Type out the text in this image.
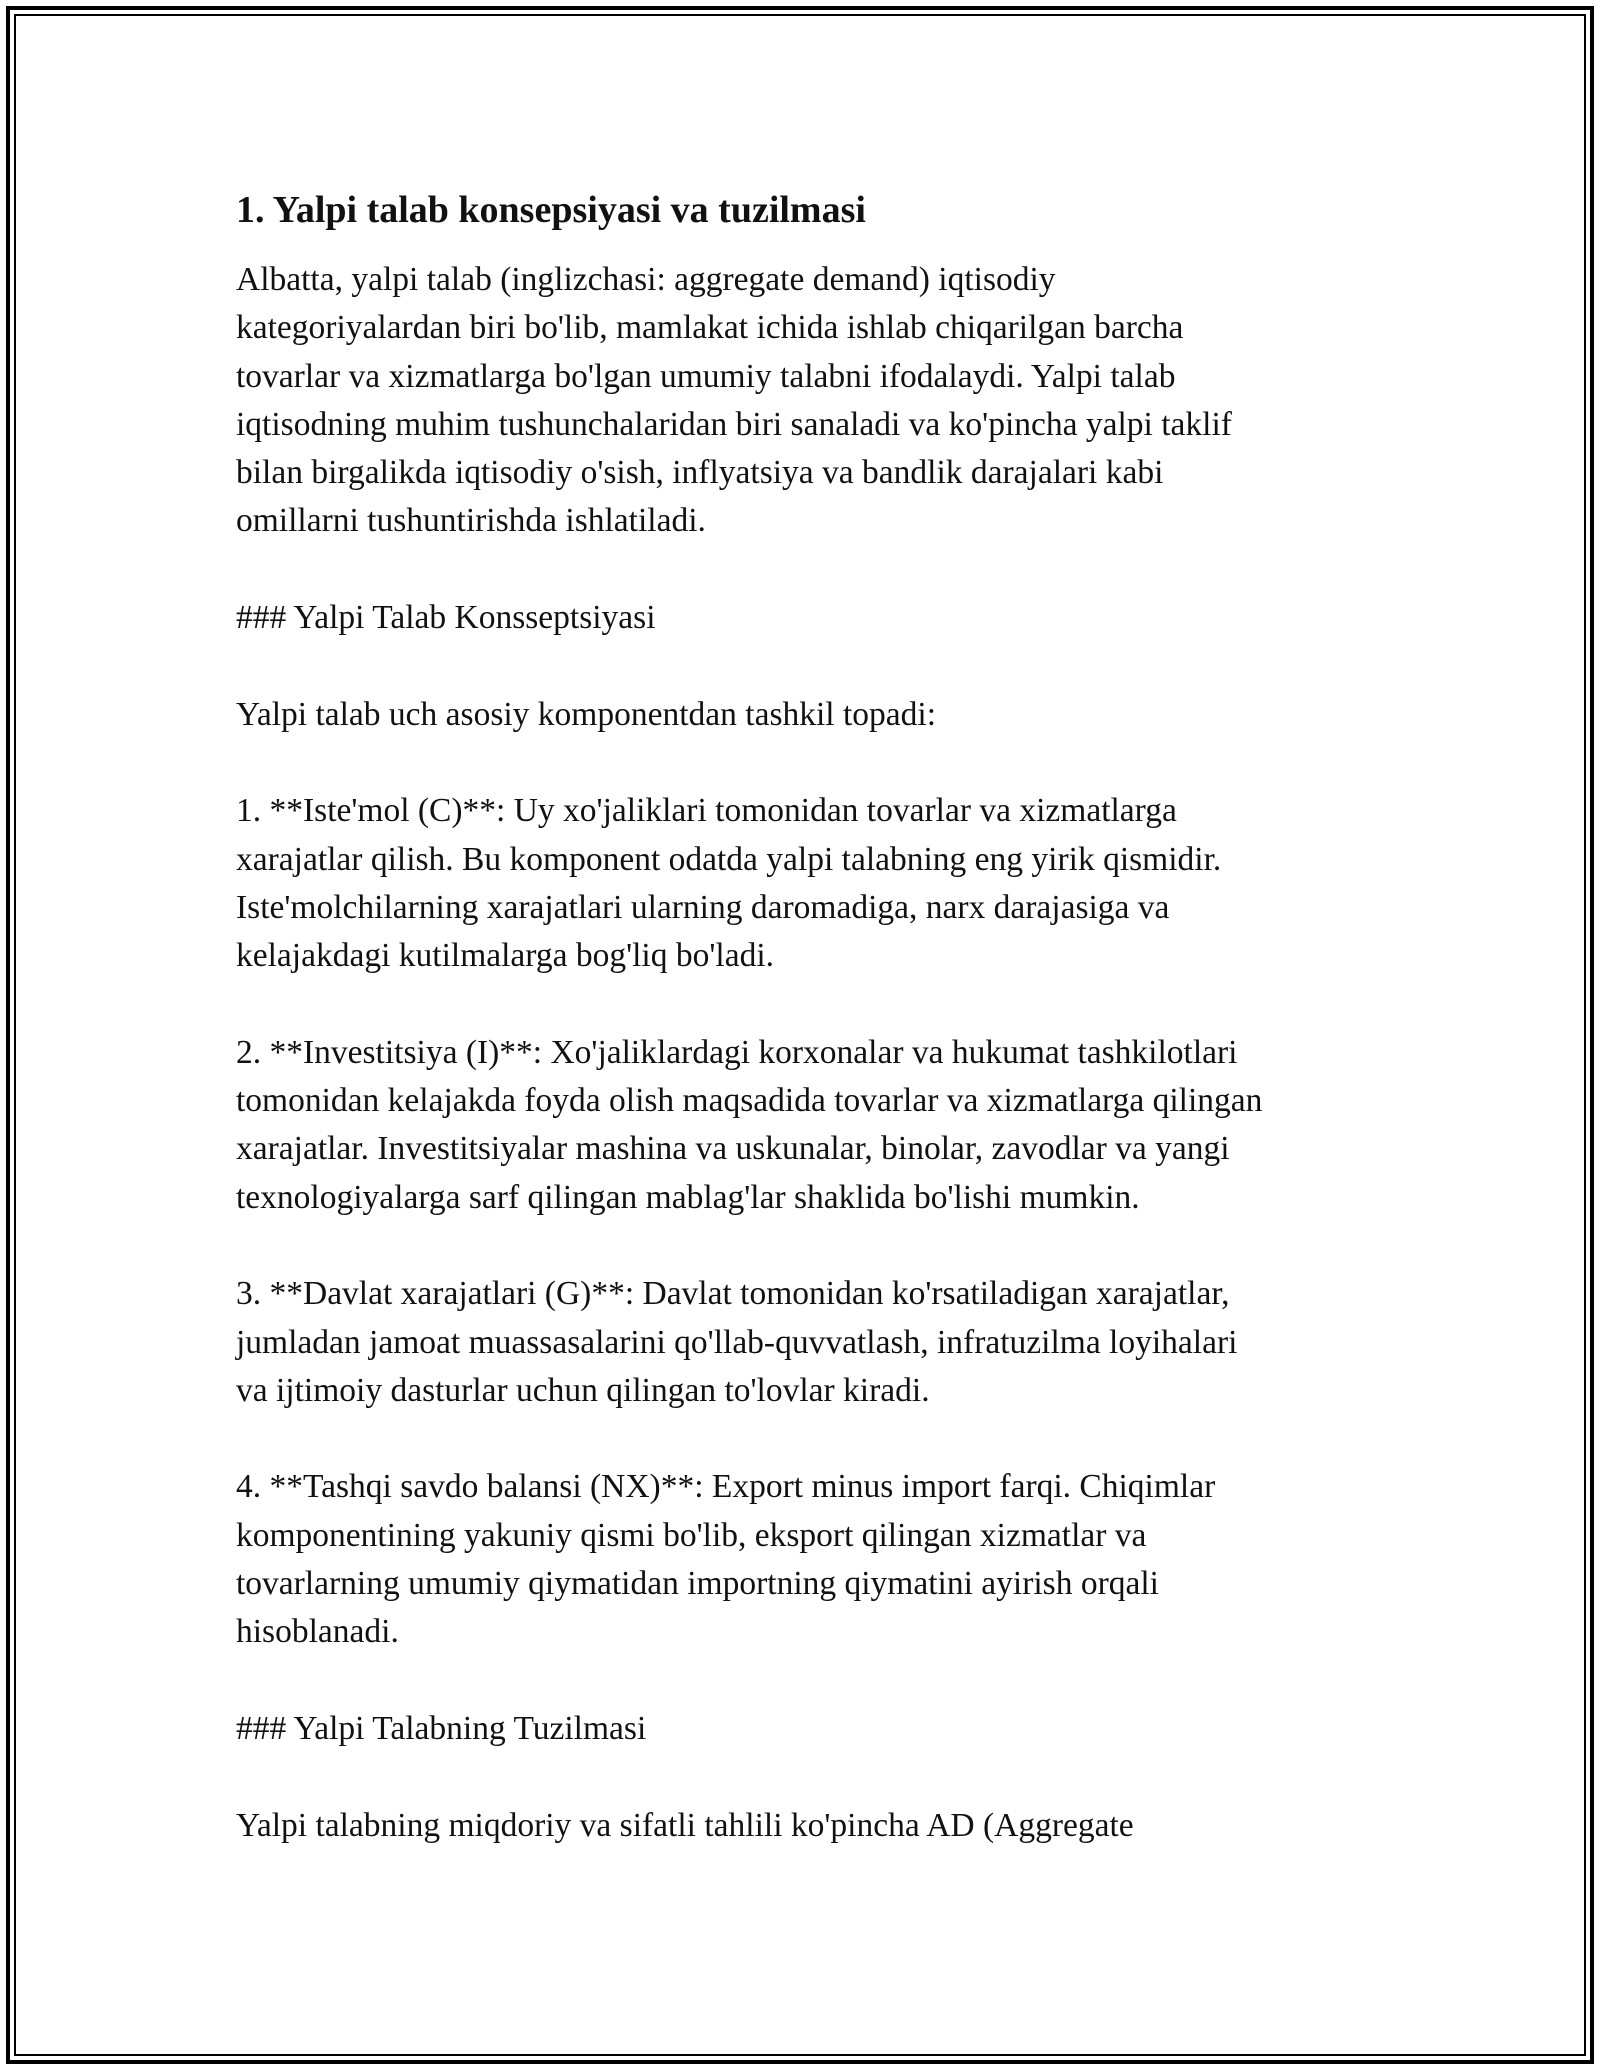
1. Yalpi talab konsepsiyasi va tuzilmasi

Albatta, yalpi talab (inglizchasi: aggregate demand) iqtisodiy
kategoriyalardan biri bo'lib, mamlakat ichida ishlab chiqarilgan barcha
tovarlar va xizmatlarga bo'lgan umumiy talabni ifodalaydi. Yalpi talab
iqtisodning muhim tushunchalaridan biri sanaladi va ko'pincha yalpi taklif
bilan birgalikda iqtisodiy o'sish, inflyatsiya va bandlik darajalari kabi
omillarni tushuntirishda ishlatiladi.

### Yalpi Talab Konsseptsiyasi

Yalpi talab uch asosiy komponentdan tashkil topadi:

1. **Iste'mol (C)**: Uy xo'jaliklari tomonidan tovarlar va xizmatlarga
xarajatlar qilish. Bu komponent odatda yalpi talabning eng yirik qismidir.
Iste'molchilarning xarajatlari ularning daromadiga, narx darajasiga va
kelajakdagi kutilmalarga bog'liq bo'ladi.

2. **Investitsiya (I)**: Xo'jaliklardagi korxonalar va hukumat tashkilotlari
tomonidan kelajakda foyda olish maqsadida tovarlar va xizmatlarga qilingan
xarajatlar. Investitsiyalar mashina va uskunalar, binolar, zavodlar va yangi
texnologiyalarga sarf qilingan mablag'lar shaklida bo'lishi mumkin.

3. **Davlat xarajatlari (G)**: Davlat tomonidan ko'rsatiladigan xarajatlar,
jumladan jamoat muassasalarini qo'llab-quvvatlash, infratuzilma loyihalari
va ijtimoiy dasturlar uchun qilingan to'lovlar kiradi.

4. **Tashqi savdo balansi (NX)**: Export minus import farqi. Chiqimlar
komponentining yakuniy qismi bo'lib, eksport qilingan xizmatlar va
tovarlarning umumiy qiymatidan importning qiymatini ayirish orqali
hisoblanadi.

### Yalpi Talabning Tuzilmasi

Yalpi talabning miqdoriy va sifatli tahlili ko'pincha AD (Aggregate
